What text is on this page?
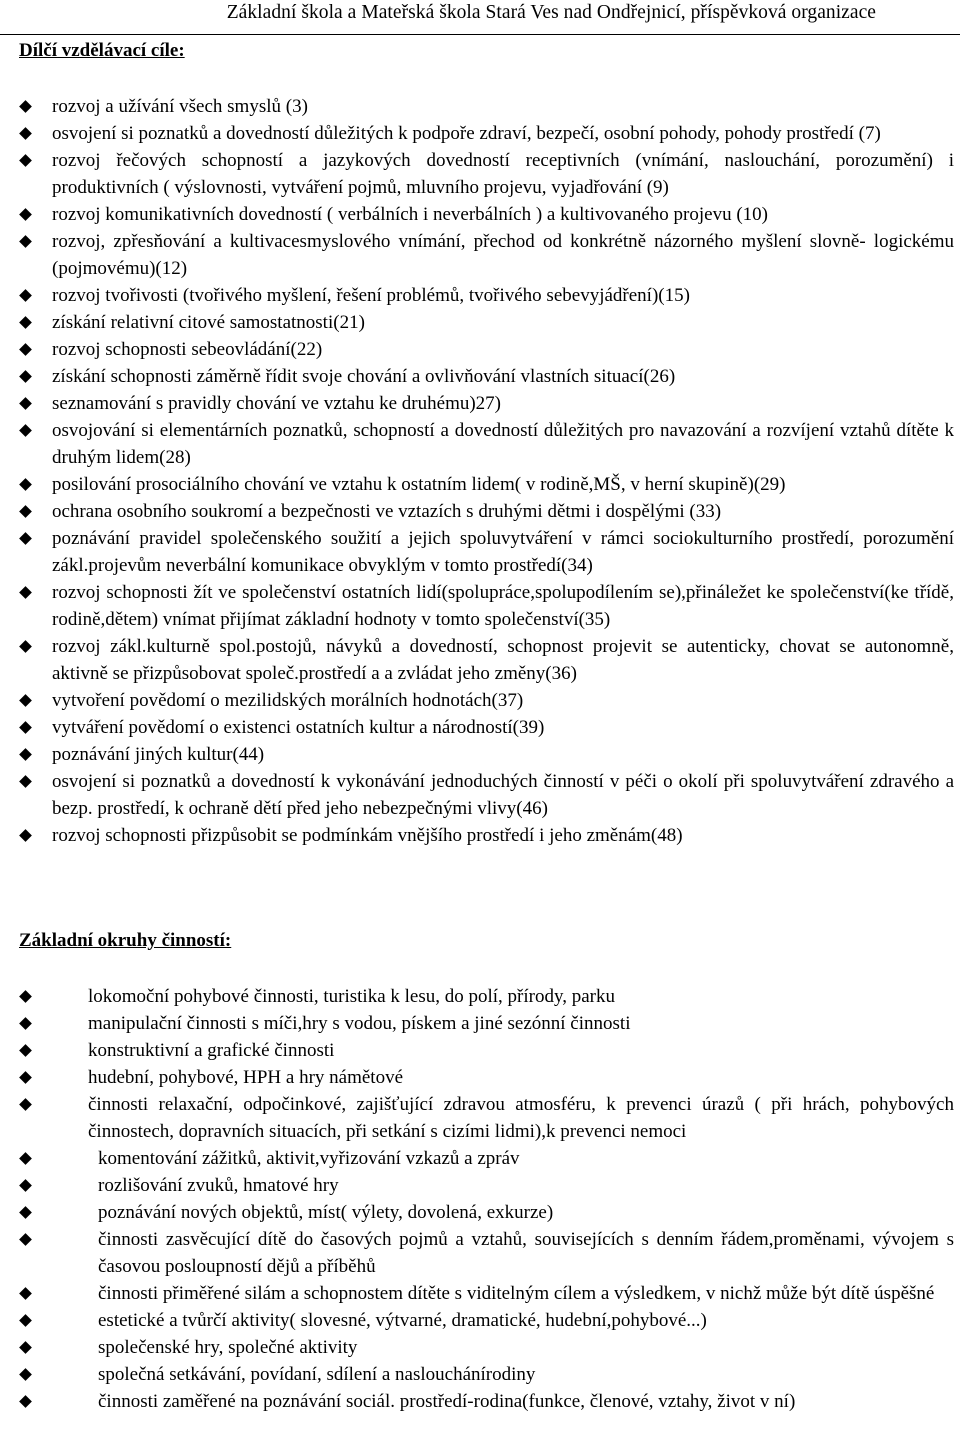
Základní škola a Mateřská škola Stará Ves nad Ondřejnicí, příspěvková organizace
Dílčí vzdělávací cíle:
rozvoj a užívání všech smyslů (3)
osvojení si poznatků a dovedností důležitých k podpoře zdraví, bezpečí, osobní pohody, pohody prostředí (7)
rozvoj řečových schopností a jazykových dovedností receptivních (vnímání, naslouchání, porozumění) i produktivních ( výslovnosti, vytváření pojmů, mluvního projevu, vyjadřování (9)
rozvoj komunikativních dovedností ( verbálních i neverbálních ) a kultivovaného projevu (10)
rozvoj, zpřesňování a kultivacesmyslového vnímání, přechod od konkrétně názorného myšlení slovně- logickému (pojmovému)(12)
rozvoj tvořivosti (tvořivého myšlení, řešení problémů, tvořivého sebevyjádření)(15)
získání relativní citové samostatnosti(21)
rozvoj schopnosti sebeovládání(22)
získání schopnosti záměrně řídit svoje chování a ovlivňování vlastních situací(26)
seznamování s pravidly chování ve vztahu ke druhému)27)
osvojování si elementárních poznatků, schopností a dovedností důležitých pro navazování a rozvíjení vztahů dítěte k druhým lidem(28)
posilování prosociálního chování ve vztahu k ostatním lidem( v rodině,MŠ, v herní skupině)(29)
ochrana osobního soukromí a bezpečnosti ve vztazích s druhými dětmi i dospělými (33)
poznávání pravidel společenského soužití a jejich spoluvytváření v rámci sociokulturního prostředí, porozumění zákl.projevům neverbální komunikace obvyklým v tomto prostředí(34)
rozvoj schopnosti žít ve společenství ostatních lidí(spolupráce,spolupodílením se),přináležet ke společenství(ke třídě, rodině,dětem) vnímat přijímat základní hodnoty v tomto společenství(35)
rozvoj zákl.kulturně spol.postojů, návyků a dovedností, schopnost projevit se autenticky, chovat se autonomně, aktivně se přizpůsobovat společ.prostředí a a zvládat jeho změny(36)
vytvoření povědomí o mezilidských morálních hodnotách(37)
vytváření povědomí o existenci ostatních kultur a národností(39)
poznávání jiných kultur(44)
osvojení si poznatků a dovedností k vykonávání jednoduchých činností v péči o okolí při spoluvytváření zdravého a bezp. prostředí, k ochraně dětí před jeho nebezpečnými vlivy(46)
rozvoj schopnosti přizpůsobit se podmínkám vnějšího prostředí i jeho změnám(48)
Základní okruhy činností:
lokomoční pohybové činnosti, turistika k lesu, do polí, přírody, parku
manipulační činnosti s míči,hry s vodou, pískem a jiné sezónní činnosti
konstruktivní a grafické činnosti
hudební, pohybové, HPH a hry námětové
činnosti relaxační, odpočinkové, zajišťující zdravou atmosféru, k prevenci úrazů ( při hrách, pohybových činnostech, dopravních situacích, při setkání s cizími lidmi),k prevenci nemoci
komentování zážitků, aktivit,vyřizování vzkazů a zpráv
rozlišování zvuků, hmatové hry
poznávání nových objektů, míst( výlety, dovolená, exkurze)
činnosti zasvěcující dítě do časových pojmů a vztahů, souvisejících s denním řádem,proměnami, vývojem s časovou posloupností dějů a příběhů
činnosti přiměřené silám a schopnostem dítěte s viditelným cílem a výsledkem, v nichž může být dítě úspěšné
estetické a tvůrčí aktivity( slovesné, výtvarné, dramatické, hudební,pohybové...)
společenské hry, společné aktivity
společná setkávání, povídaní, sdílení a naslouchánírodiny
činnosti zaměřené na poznávání sociál. prostředí-rodina(funkce, členové, vztahy, život v ní)
